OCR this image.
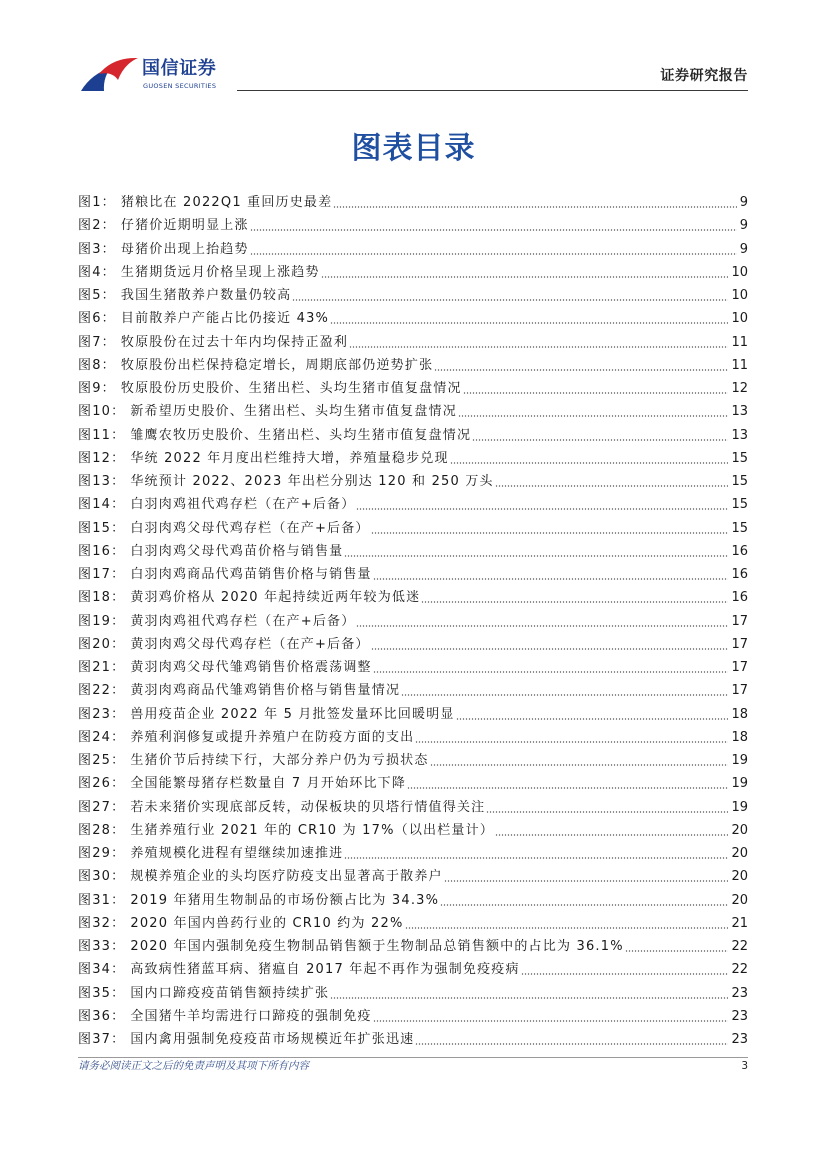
国信证券
GUOSEN SECURITIES
证券研究报告
图表目录
图1： 猪粮比在 2022Q1 重回历史最差	9
图2： 仔猪价近期明显上涨	9
图3： 母猪价出现上抬趋势	9
图4： 生猪期货远月价格呈现上涨趋势	10
图5： 我国生猪散养户数量仍较高	10
图6： 目前散养户产能占比仍接近 43%	10
图7： 牧原股份在过去十年内均保持正盈利	11
图8： 牧原股份出栏保持稳定增长，周期底部仍逆势扩张	11
图9： 牧原股份历史股价、生猪出栏、头均生猪市值复盘情况	12
图10： 新希望历史股价、生猪出栏、头均生猪市值复盘情况	13
图11： 雏鹰农牧历史股价、生猪出栏、头均生猪市值复盘情况	13
图12： 华统 2022 年月度出栏维持大增，养殖量稳步兑现	15
图13： 华统预计 2022、2023 年出栏分别达 120 和 250 万头	15
图14： 白羽肉鸡祖代鸡存栏（在产+后备）	15
图15： 白羽肉鸡父母代鸡存栏（在产+后备）	15
图16： 白羽肉鸡父母代鸡苗价格与销售量	16
图17： 白羽肉鸡商品代鸡苗销售价格与销售量	16
图18： 黄羽鸡价格从 2020 年起持续近两年较为低迷	16
图19： 黄羽肉鸡祖代鸡存栏（在产+后备）	17
图20： 黄羽肉鸡父母代鸡存栏（在产+后备）	17
图21： 黄羽肉鸡父母代雏鸡销售价格震荡调整	17
图22： 黄羽肉鸡商品代雏鸡销售价格与销售量情况	17
图23： 兽用疫苗企业 2022 年 5 月批签发量环比回暖明显	18
图24： 养殖利润修复或提升养殖户在防疫方面的支出	18
图25： 生猪价节后持续下行，大部分养户仍为亏损状态	19
图26： 全国能繁母猪存栏数量自 7 月开始环比下降	19
图27： 若未来猪价实现底部反转，动保板块的贝塔行情值得关注	19
图28： 生猪养殖行业 2021 年的 CR10 为 17%（以出栏量计）	20
图29： 养殖规模化进程有望继续加速推进	20
图30： 规模养殖企业的头均医疗防疫支出显著高于散养户	20
图31： 2019 年猪用生物制品的市场份额占比为 34.3%	20
图32： 2020 年国内兽药行业的 CR10 约为 22%	21
图33： 2020 年国内强制免疫生物制品销售额于生物制品总销售额中的占比为 36.1%	22
图34： 高致病性猪蓝耳病、猪瘟自 2017 年起不再作为强制免疫疫病	22
图35： 国内口蹄疫疫苗销售额持续扩张	23
图36： 全国猪牛羊均需进行口蹄疫的强制免疫	23
图37： 国内禽用强制免疫疫苗市场规模近年扩张迅速	23
请务必阅读正文之后的免责声明及其项下所有内容	3
